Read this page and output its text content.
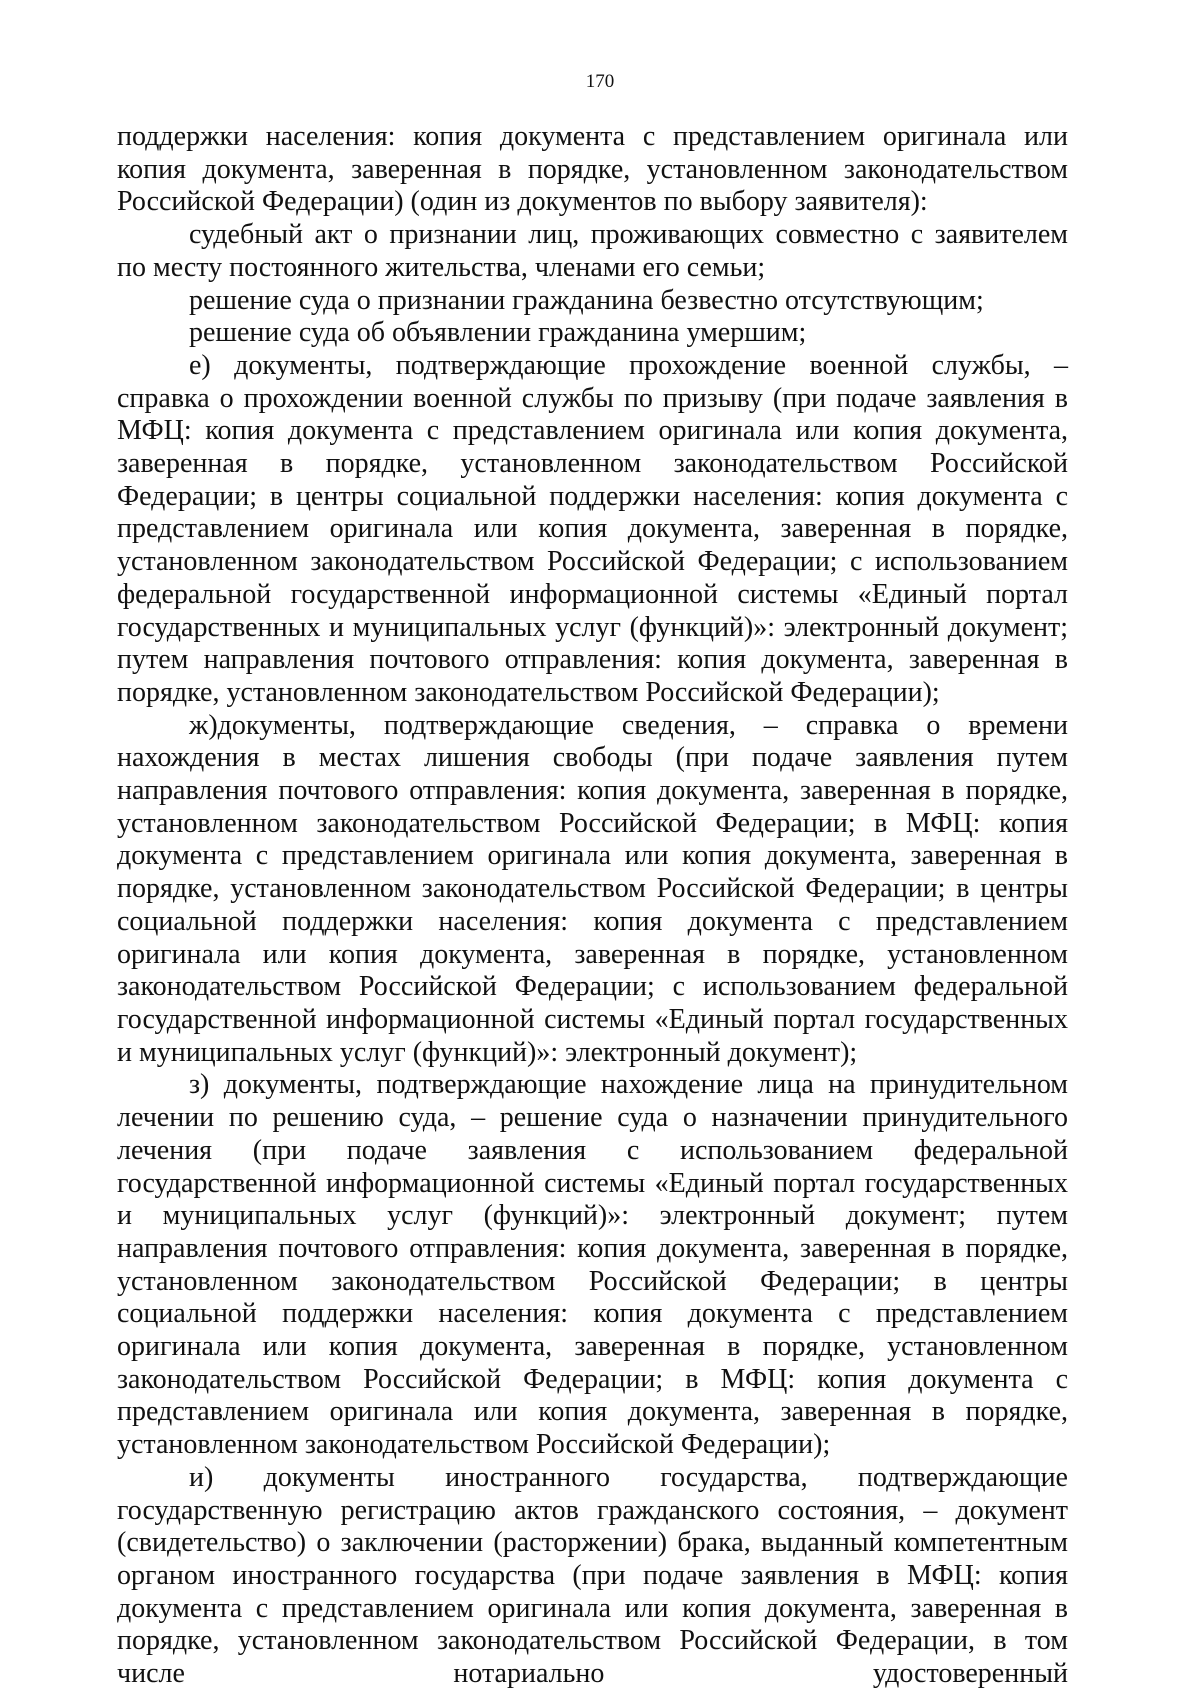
170

поддержки населения: копия документа с представлением оригинала или копия документа, заверенная в порядке, установленном законодательством Российской Федерации) (один из документов по выбору заявителя):

судебный акт о признании лиц, проживающих совместно с заявителем по месту постоянного жительства, членами его семьи;

решение суда о признании гражданина безвестно отсутствующим;

решение суда об объявлении гражданина умершим;

е) документы, подтверждающие прохождение военной службы, – справка о прохождении военной службы по призыву (при подаче заявления в МФЦ: копия документа с представлением оригинала или копия документа, заверенная в порядке, установленном законодательством Российской Федерации; в центры социальной поддержки населения: копия документа с представлением оригинала или копия документа, заверенная в порядке, установленном законодательством Российской Федерации; с использованием федеральной государственной информационной системы «Единый портал государственных и муниципальных услуг (функций)»: электронный документ; путем направления почтового отправления: копия документа, заверенная в порядке, установленном законодательством Российской Федерации);

ж)документы, подтверждающие сведения, – справка о времени нахождения в местах лишения свободы (при подаче заявления путем направления почтового отправления: копия документа, заверенная в порядке, установленном законодательством Российской Федерации; в МФЦ: копия документа с представлением оригинала или копия документа, заверенная в порядке, установленном законодательством Российской Федерации; в центры социальной поддержки населения: копия документа с представлением оригинала или копия документа, заверенная в порядке, установленном законодательством Российской Федерации; с использованием федеральной государственной информационной системы «Единый портал государственных и муниципальных услуг (функций)»: электронный документ);

з) документы, подтверждающие нахождение лица на принудительном лечении по решению суда, – решение суда о назначении принудительного лечения (при подаче заявления с использованием федеральной государственной информационной системы «Единый портал государственных и муниципальных услуг (функций)»: электронный документ; путем направления почтового отправления: копия документа, заверенная в порядке, установленном законодательством Российской Федерации; в центры социальной поддержки населения: копия документа с представлением оригинала или копия документа, заверенная в порядке, установленном законодательством Российской Федерации; в МФЦ: копия документа с представлением оригинала или копия документа, заверенная в порядке, установленном законодательством Российской Федерации);

и) документы иностранного государства, подтверждающие государственную регистрацию актов гражданского состояния, – документ (свидетельство) о заключении (расторжении) брака, выданный компетентным органом иностранного государства (при подаче заявления в МФЦ: копия документа с представлением оригинала или копия документа, заверенная в порядке, установленном законодательством Российской Федерации, в том числе нотариально удостоверенный
